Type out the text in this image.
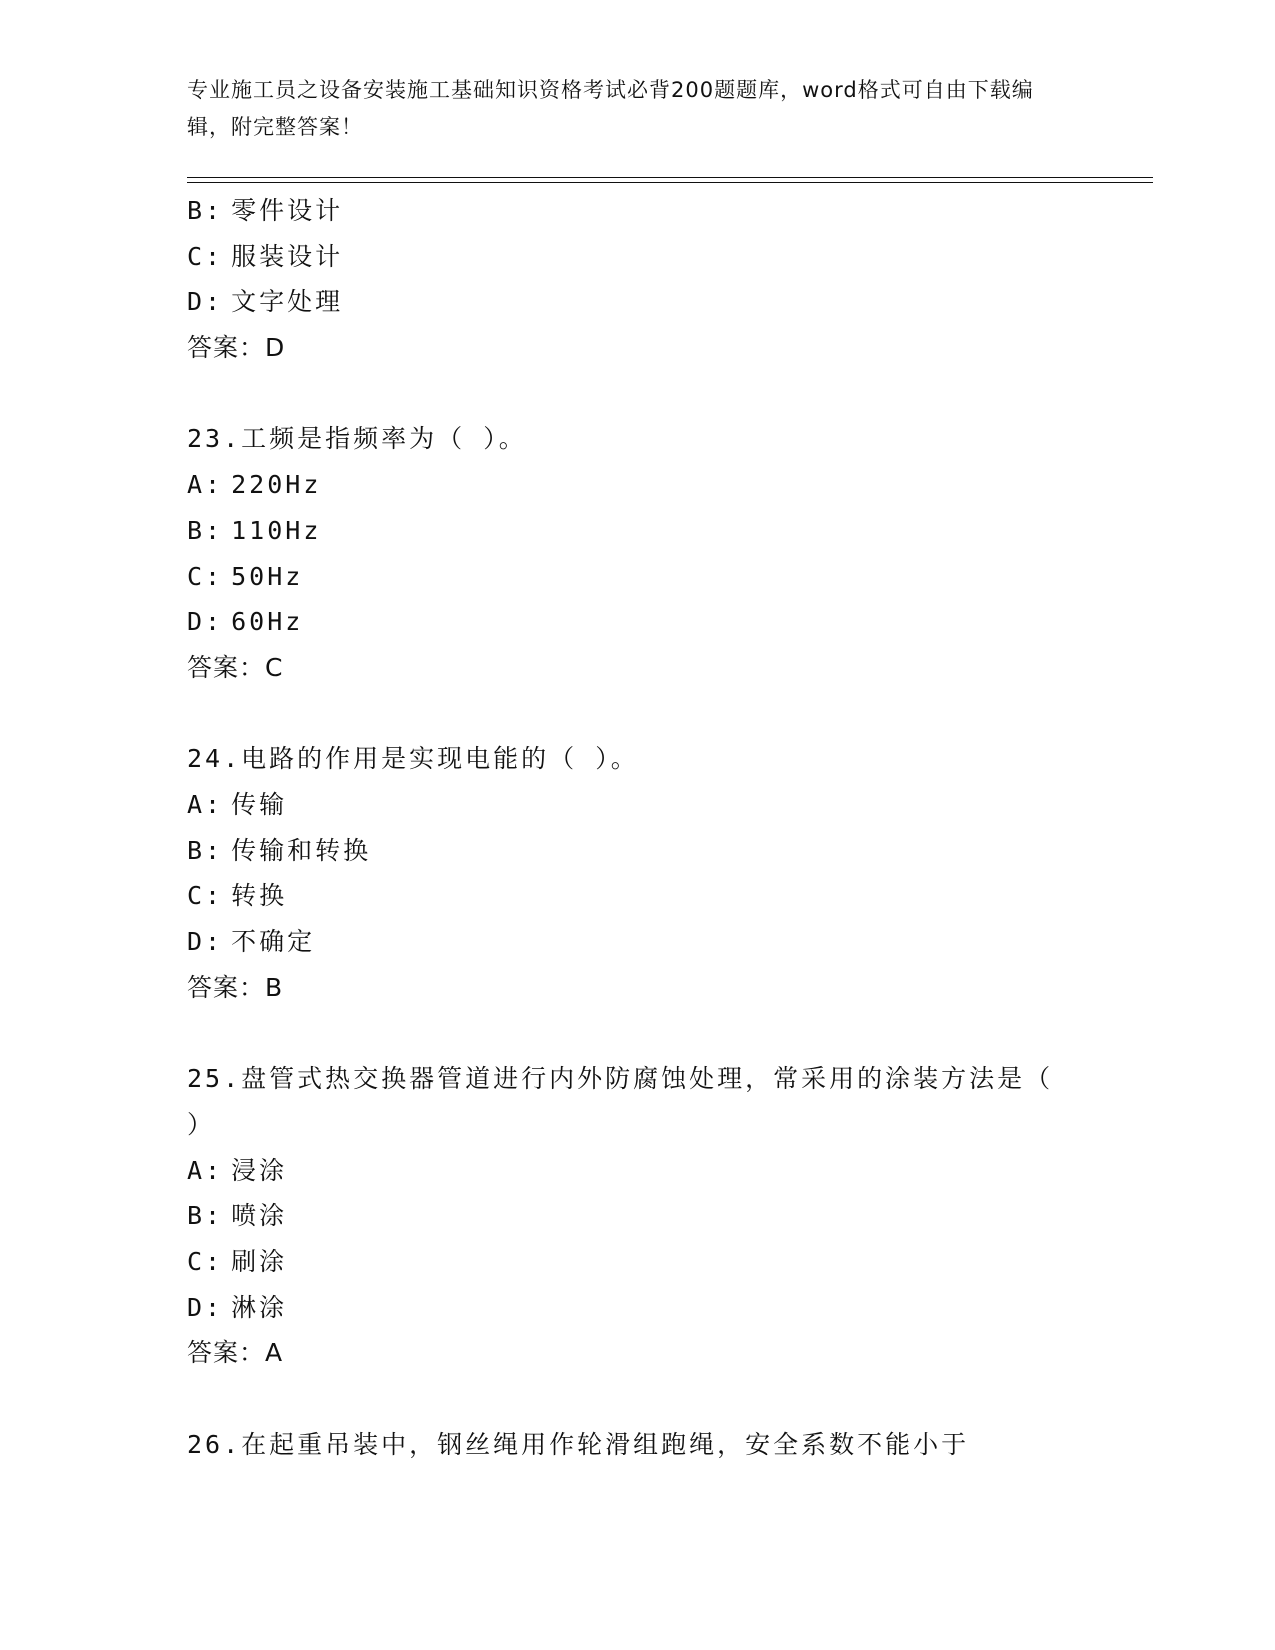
专业施工员之设备安装施工基础知识资格考试必背200题题库，word格式可自由下载编辑，附完整答案！
B: 零件设计
C: 服装设计
D: 文字处理
答案：D
23.工频是指频率为（ ）。
A: 220Hz
B: 110Hz
C: 50Hz
D: 60Hz
答案：C
24.电路的作用是实现电能的（ ）。
A: 传输
B: 传输和转换
C: 转换
D: 不确定
答案：B
25.盘管式热交换器管道进行内外防腐蚀处理，常采用的涂装方法是（ ）
A: 浸涂
B: 喷涂
C: 刷涂
D: 淋涂
答案：A
26.在起重吊装中，钢丝绳用作轮滑组跑绳，安全系数不能小于
